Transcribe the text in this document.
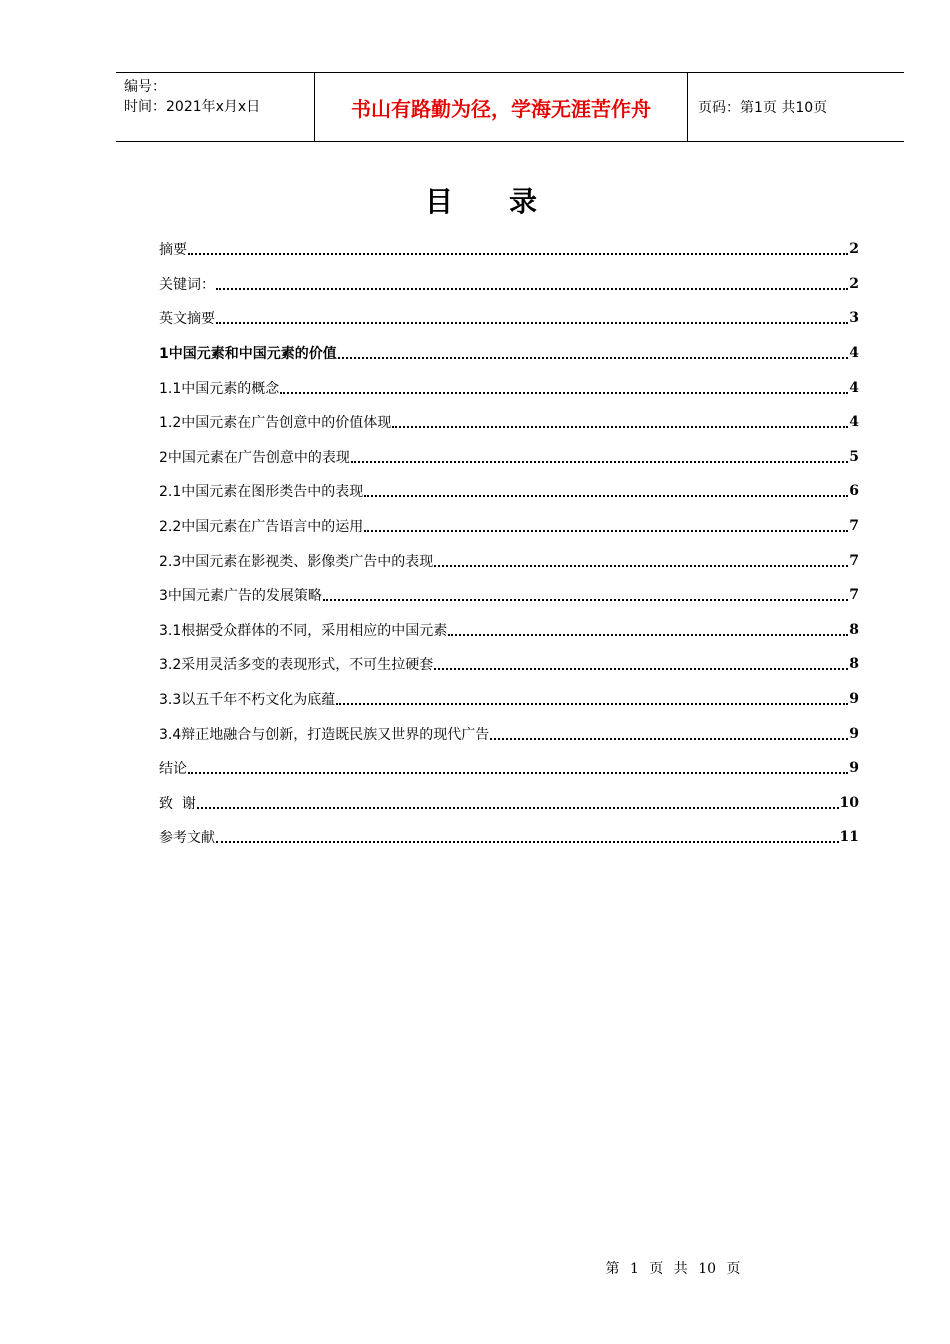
编号：
时间：2021年x月x日	书山有路勤为径，学海无涯苦作舟	页码：第1页 共10页
目录
摘要	2
关键词：	2
英文摘要	3
1中国元素和中国元素的价值	4
1.1中国元素的概念	4
1.2中国元素在广告创意中的价值体现	4
2中国元素在广告创意中的表现	5
2.1中国元素在图形类告中的表现	6
2.2中国元素在广告语言中的运用	7
2.3中国元素在影视类、影像类广告中的表现	7
3中国元素广告的发展策略	7
3.1根据受众群体的不同，采用相应的中国元素	8
3.2采用灵活多变的表现形式，不可生拉硬套	8
3.3以五千年不朽文化为底蕴	9
3.4辩正地融合与创新，打造既民族又世界的现代广告	9
结论	9
致  谢	10
参考文献	11
第 1 页 共 10 页
